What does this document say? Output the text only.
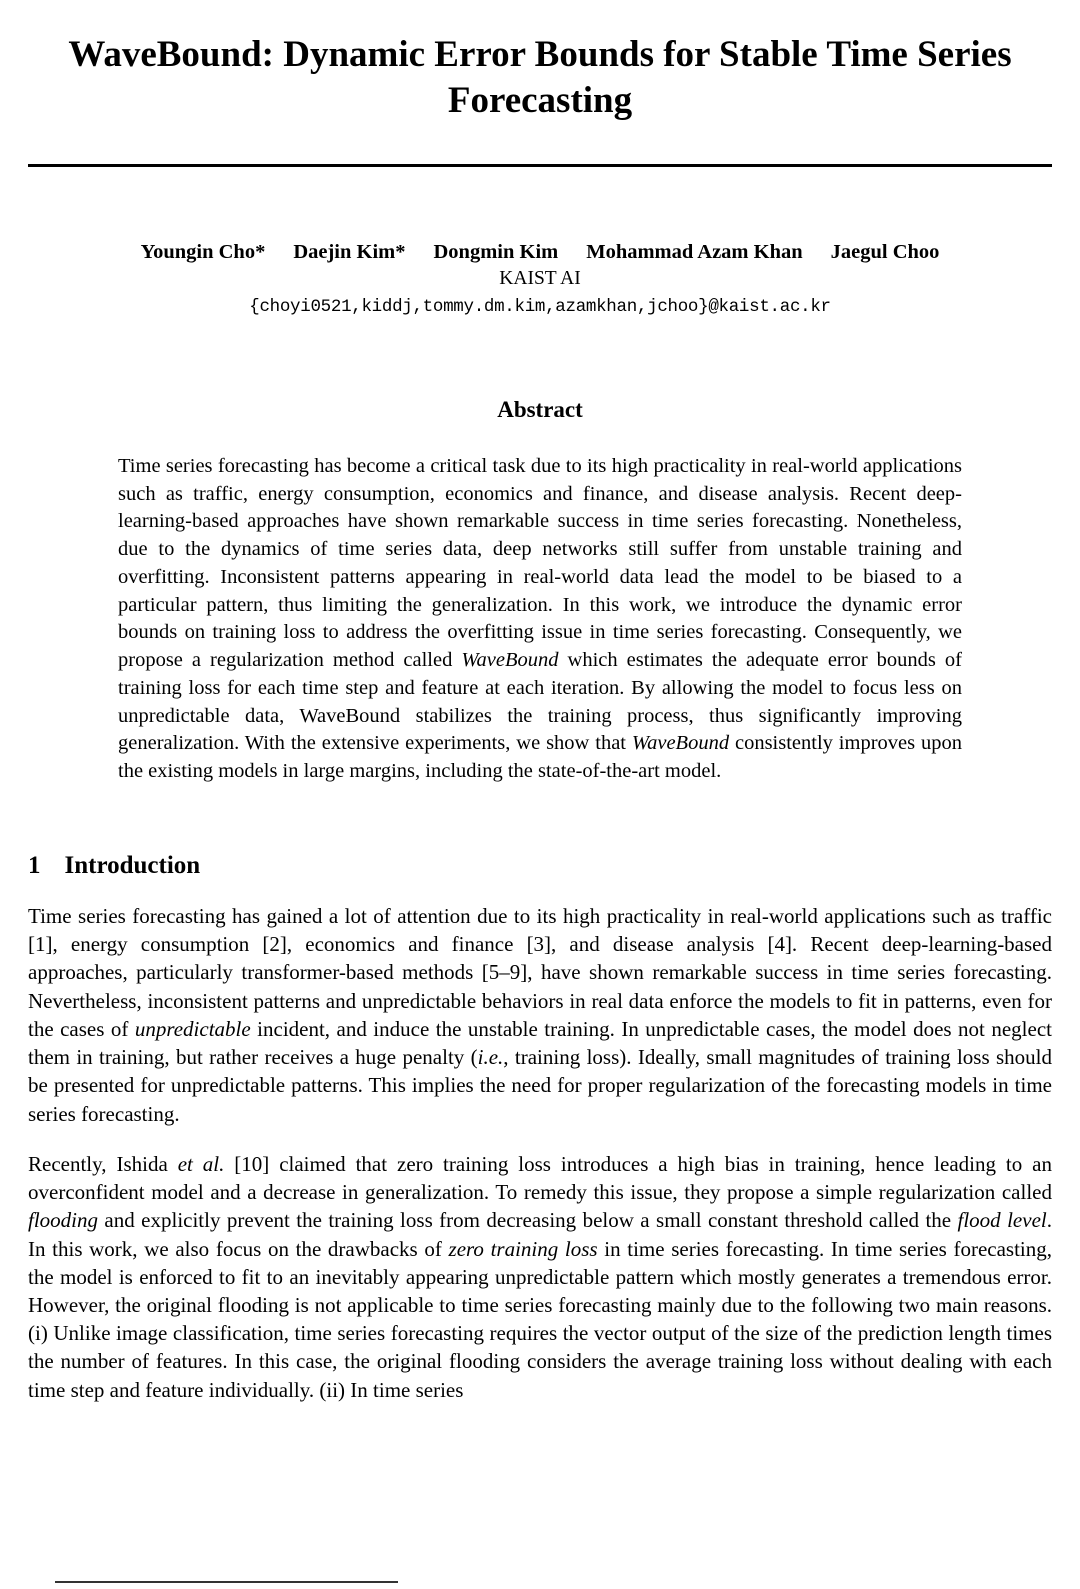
WaveBound: Dynamic Error Bounds for Stable Time Series Forecasting
Youngin Cho* Daejin Kim* Dongmin Kim Mohammad Azam Khan Jaegul Choo
KAIST AI
{choyi0521,kiddj,tommy.dm.kim,azamkhan,jchoo}@kaist.ac.kr
Abstract

Time series forecasting has become a critical task due to its high practicality in real-world applications such as traffic, energy consumption, economics and finance, and disease analysis. Recent deep-learning-based approaches have shown remarkable success in time series forecasting. Nonetheless, due to the dynamics of time series data, deep networks still suffer from unstable training and overfitting. Inconsistent patterns appearing in real-world data lead the model to be biased to a particular pattern, thus limiting the generalization. In this work, we introduce the dynamic error bounds on training loss to address the overfitting issue in time series forecasting. Consequently, we propose a regularization method called WaveBound which estimates the adequate error bounds of training loss for each time step and feature at each iteration. By allowing the model to focus less on unpredictable data, WaveBound stabilizes the training process, thus significantly improving generalization. With the extensive experiments, we show that WaveBound consistently improves upon the existing models in large margins, including the state-of-the-art model.

1 Introduction

Time series forecasting has gained a lot of attention due to its high practicality in real-world applications such as traffic [1], energy consumption [2], economics and finance [3], and disease analysis [4]. Recent deep-learning-based approaches, particularly transformer-based methods [5–9], have shown remarkable success in time series forecasting. Nevertheless, inconsistent patterns and unpredictable behaviors in real data enforce the models to fit in patterns, even for the cases of unpredictable incident, and induce the unstable training. In unpredictable cases, the model does not neglect them in training, but rather receives a huge penalty (i.e., training loss). Ideally, small magnitudes of training loss should be presented for unpredictable patterns. This implies the need for proper regularization of the forecasting models in time series forecasting.

Recently, Ishida et al. [10] claimed that zero training loss introduces a high bias in training, hence leading to an overconfident model and a decrease in generalization. To remedy this issue, they propose a simple regularization called flooding and explicitly prevent the training loss from decreasing below a small constant threshold called the flood level. In this work, we also focus on the drawbacks of zero training loss in time series forecasting. In time series forecasting, the model is enforced to fit to an inevitably appearing unpredictable pattern which mostly generates a tremendous error. However, the original flooding is not applicable to time series forecasting mainly due to the following two main reasons. (i) Unlike image classification, time series forecasting requires the vector output of the size of the prediction length times the number of features. In this case, the original flooding considers the average training loss without dealing with each time step and feature individually. (ii) In time series
